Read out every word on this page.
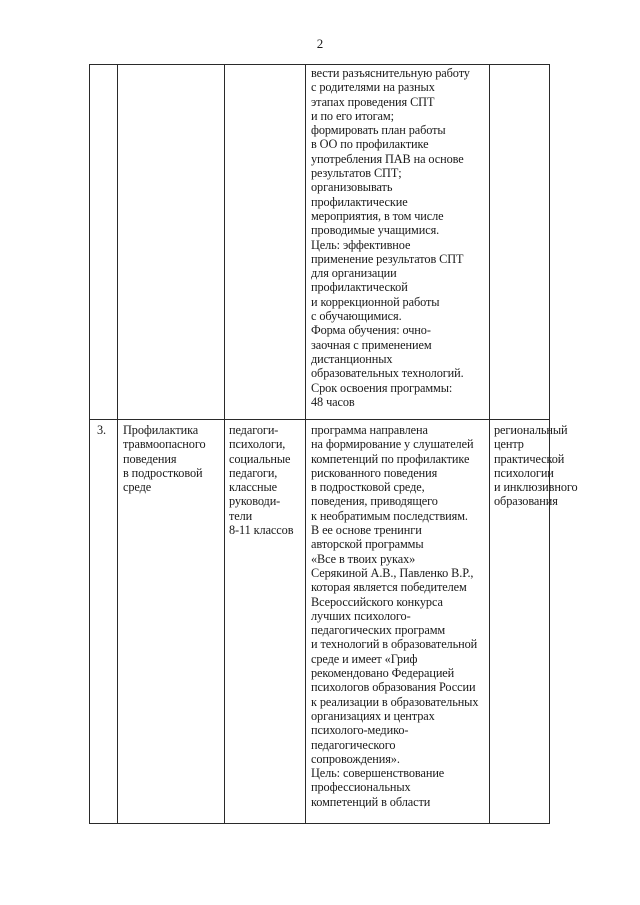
2
вести разъяснительную работу
с родителями на разных
этапах проведения СПТ
и по его итогам;
формировать план работы
в ОО по профилактике
употребления ПАВ на основе
результатов СПТ;
организовывать
профилактические
мероприятия, в том числе
проводимые учащимися.
Цель: эффективное
применение результатов СПТ
для организации
профилактической
и коррекционной работы
с обучающимися.
Форма обучения: очно-
заочная с применением
дистанционных
образовательных технологий.
Срок освоения программы:
48 часов
3.	Профилактика
травмоопасного
поведения
в подростковой
среде
педагоги-
психологи,
социальные
педагоги,
классные
руководи-
тели
8-11 классов
программа направлена
на формирование у слушателей
компетенций по профилактике
рискованного поведения
в подростковой среде,
поведения, приводящего
к необратимым последствиям.
В ее основе тренинги
авторской программы
«Все в твоих руках»
Серякиной А.В., Павленко В.Р.,
которая является победителем
Всероссийского конкурса
лучших психолого-
педагогических программ
и технологий в образовательной
среде и имеет «Гриф
рекомендовано Федерацией
психологов образования России
к реализации в образовательных
организациях и центрах
психолого-медико-
педагогического
сопровождения».
Цель: совершенствование
профессиональных
компетенций в области
региональный
центр
практической
психологии
и инклюзивного
образования
